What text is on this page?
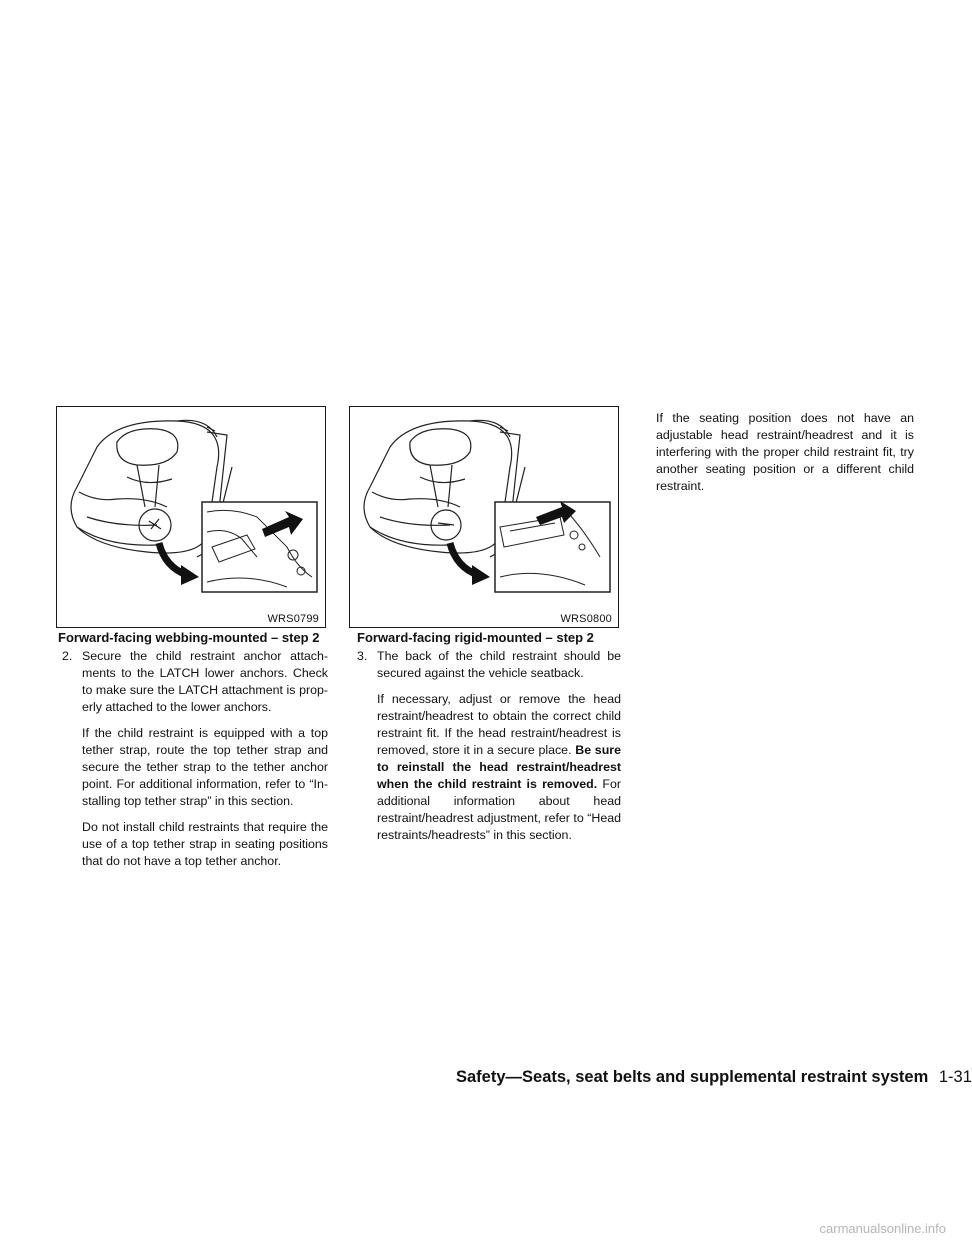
WRS0799
Forward-facing webbing-mounted – step 2
WRS0800
Forward-facing rigid-mounted – step 2
2. Secure the child restraint anchor attach-ments to the LATCH lower anchors. Check to make sure the LATCH attachment is prop-erly attached to the lower anchors.

If the child restraint is equipped with a top tether strap, route the top tether strap and secure the tether strap to the tether anchor point. For additional information, refer to “In-stalling top tether strap” in this section.

Do not install child restraints that require the use of a top tether strap in seating positions that do not have a top tether anchor.

3. The back of the child restraint should be secured against the vehicle seatback.

If necessary, adjust or remove the head restraint/headrest to obtain the correct child restraint fit. If the head restraint/headrest is removed, store it in a secure place. Be sure to reinstall the head restraint/headrest when the child restraint is removed. For additional information about head restraint/headrest adjustment, refer to “Head restraints/headrests” in this section.

If the seating position does not have an adjustable head restraint/headrest and it is interfering with the proper child restraint fit, try another seating position or a different child restraint.

Safety—Seats, seat belts and supplemental restraint system 1-31
carmanualsonline.info
